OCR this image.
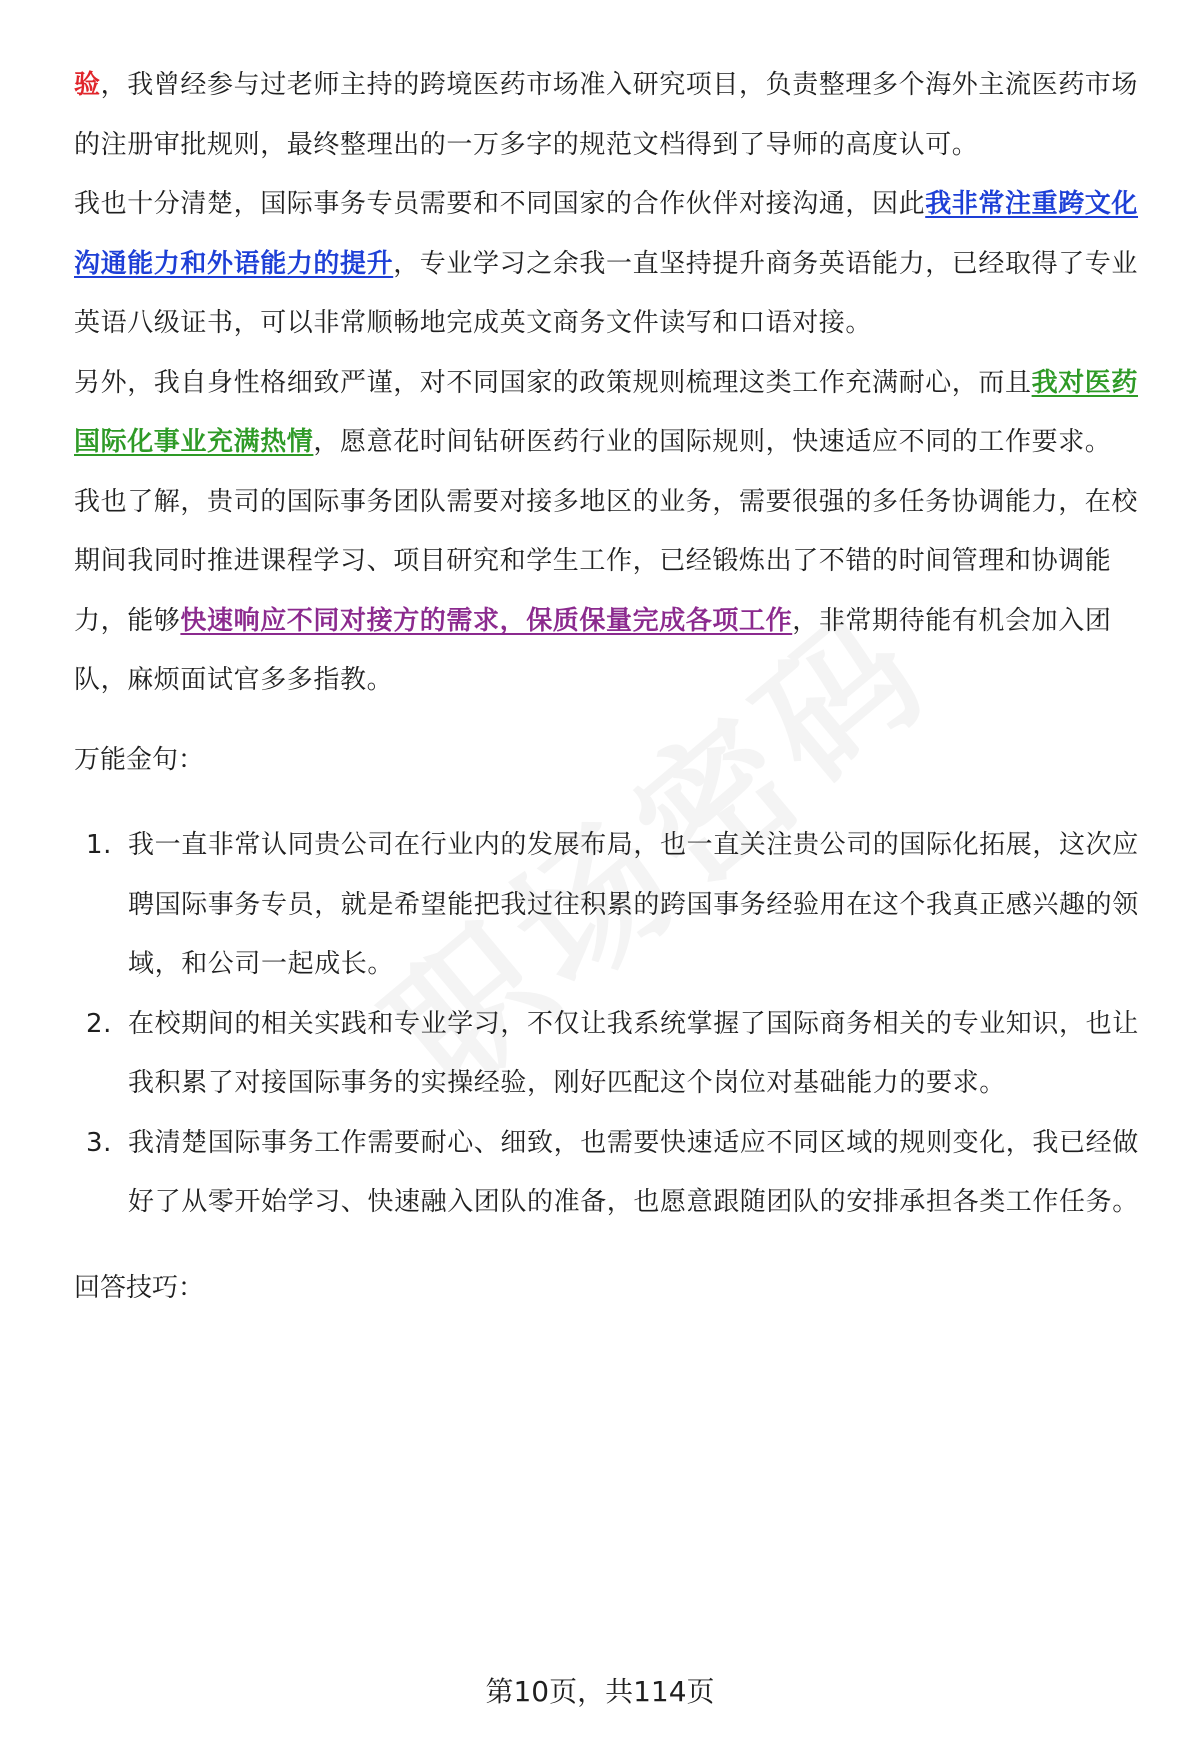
验，我曾经参与过老师主持的跨境医药市场准入研究项目，负责整理多个海外主流医药市场的注册审批规则，最终整理出的一万多字的规范文档得到了导师的高度认可。

我也十分清楚，国际事务专员需要和不同国家的合作伙伴对接沟通，因此我非常注重跨文化沟通能力和外语能力的提升，专业学习之余我一直坚持提升商务英语能力，已经取得了专业英语八级证书，可以非常顺畅地完成英文商务文件读写和口语对接。

另外，我自身性格细致严谨，对不同国家的政策规则梳理这类工作充满耐心，而且我对医药国际化事业充满热情，愿意花时间钻研医药行业的国际规则，快速适应不同的工作要求。

我也了解，贵司的国际事务团队需要对接多地区的业务，需要很强的多任务协调能力，在校期间我同时推进课程学习、项目研究和学生工作，已经锻炼出了不错的时间管理和协调能力，能够快速响应不同对接方的需求，保质保量完成各项工作，非常期待能有机会加入团队，麻烦面试官多多指教。

万能金句：

1. 我一直非常认同贵公司在行业内的发展布局，也一直关注贵公司的国际化拓展，这次应聘国际事务专员，就是希望能把我过往积累的跨国事务经验用在这个我真正感兴趣的领域，和公司一起成长。
2. 在校期间的相关实践和专业学习，不仅让我系统掌握了国际商务相关的专业知识，也让我积累了对接国际事务的实操经验，刚好匹配这个岗位对基础能力的要求。
3. 我清楚国际事务工作需要耐心、细致，也需要快速适应不同区域的规则变化，我已经做好了从零开始学习、快速融入团队的准备，也愿意跟随团队的安排承担各类工作任务。

回答技巧：

第10页，共114页
